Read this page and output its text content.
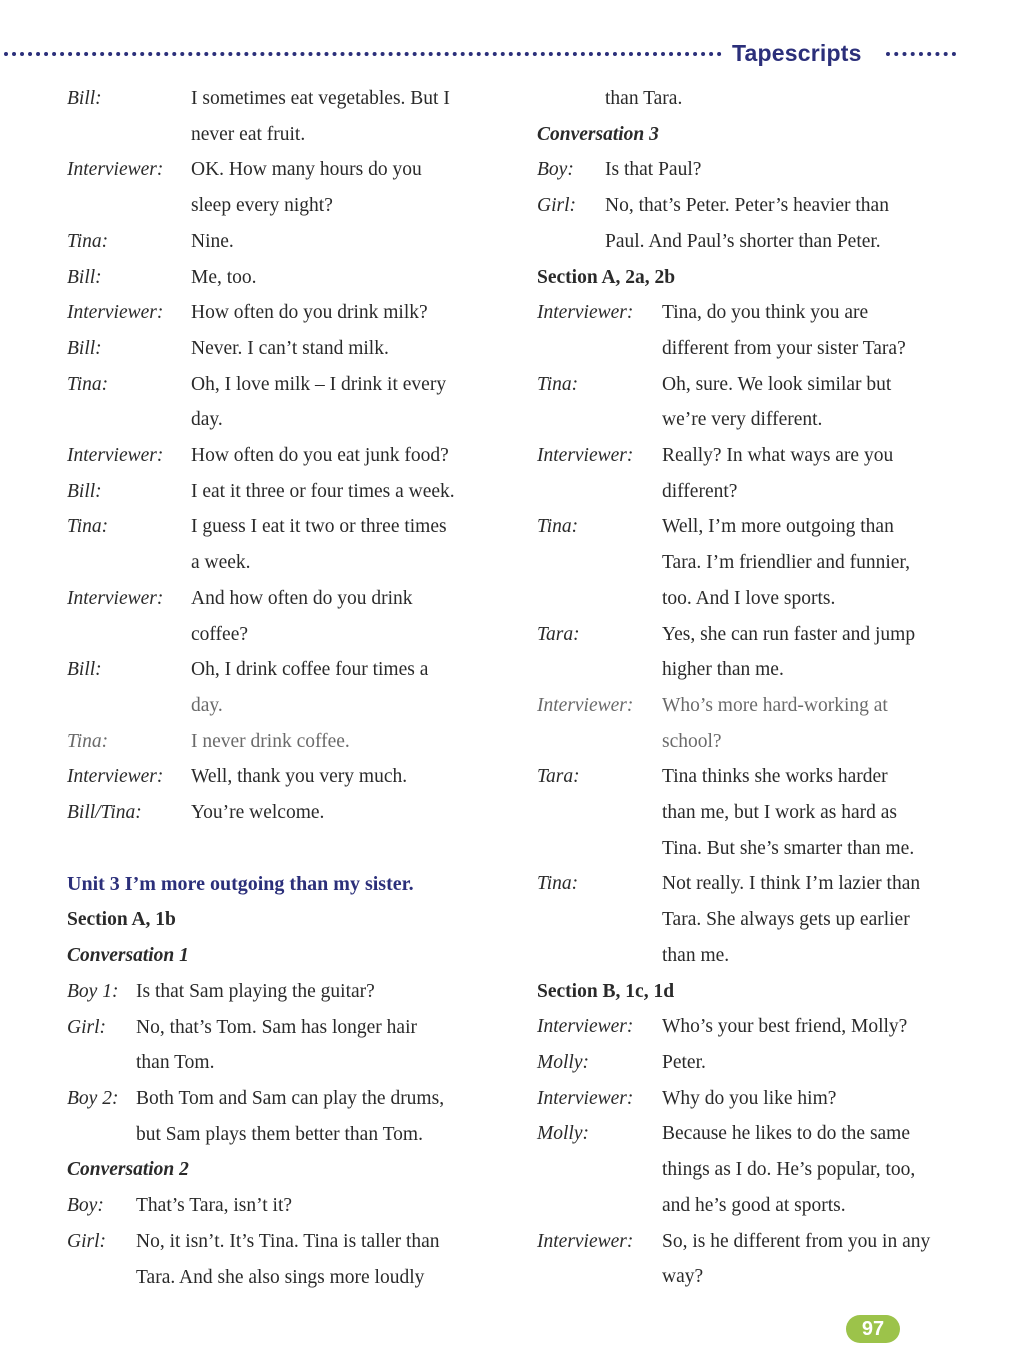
Tapescripts
Bill:	I sometimes eat vegetables. But I
never eat fruit.
Interviewer:	OK. How many hours do you
sleep every night?
Tina:	Nine.
Bill:	Me, too.
Interviewer:	How often do you drink milk?
Bill:	Never. I can’t stand milk.
Tina:	Oh, I love milk – I drink it every
day.
Interviewer:	How often do you eat junk food?
Bill:	I eat it three or four times a week.
Tina:	I guess I eat it two or three times
a week.
Interviewer:	And how often do you drink
coffee?
Bill:	Oh, I drink coffee four times a
day.
Tina:	I never drink coffee.
Interviewer:	Well, thank you very much.
Bill/Tina:	You’re welcome.
Unit 3 I’m more outgoing than my sister.
Section A, 1b
Conversation 1
Boy 1: Is that Sam playing the guitar?
Girl:	No, that’s Tom. Sam has longer hair
than Tom.
Boy 2: Both Tom and Sam can play the drums,
but Sam plays them better than Tom.
Conversation 2
Boy:	That’s Tara, isn’t it?
Girl:	No, it isn’t. It’s Tina. Tina is taller than
Tara. And she also sings more loudly
than Tara.
Conversation 3
Boy:	Is that Paul?
Girl:	No, that’s Peter. Peter’s heavier than
Paul. And Paul’s shorter than Peter.
Section A, 2a, 2b
Interviewer:	Tina, do you think you are
different from your sister Tara?
Tina:	Oh, sure. We look similar but
we’re very different.
Interviewer:	Really? In what ways are you
different?
Tina:	Well, I’m more outgoing than
Tara. I’m friendlier and funnier,
too. And I love sports.
Tara:	Yes, she can run faster and jump
higher than me.
Interviewer:	Who’s more hard-working at
school?
Tara:	Tina thinks she works harder
than me, but I work as hard as
Tina. But she’s smarter than me.
Tina:	Not really. I think I’m lazier than
Tara. She always gets up earlier
than me.
Section B, 1c, 1d
Interviewer:	Who’s your best friend, Molly?
Molly:	Peter.
Interviewer:	Why do you like him?
Molly:	Because he likes to do the same
things as I do. He’s popular, too,
and he’s good at sports.
Interviewer:	So, is he different from you in any
way?
97
